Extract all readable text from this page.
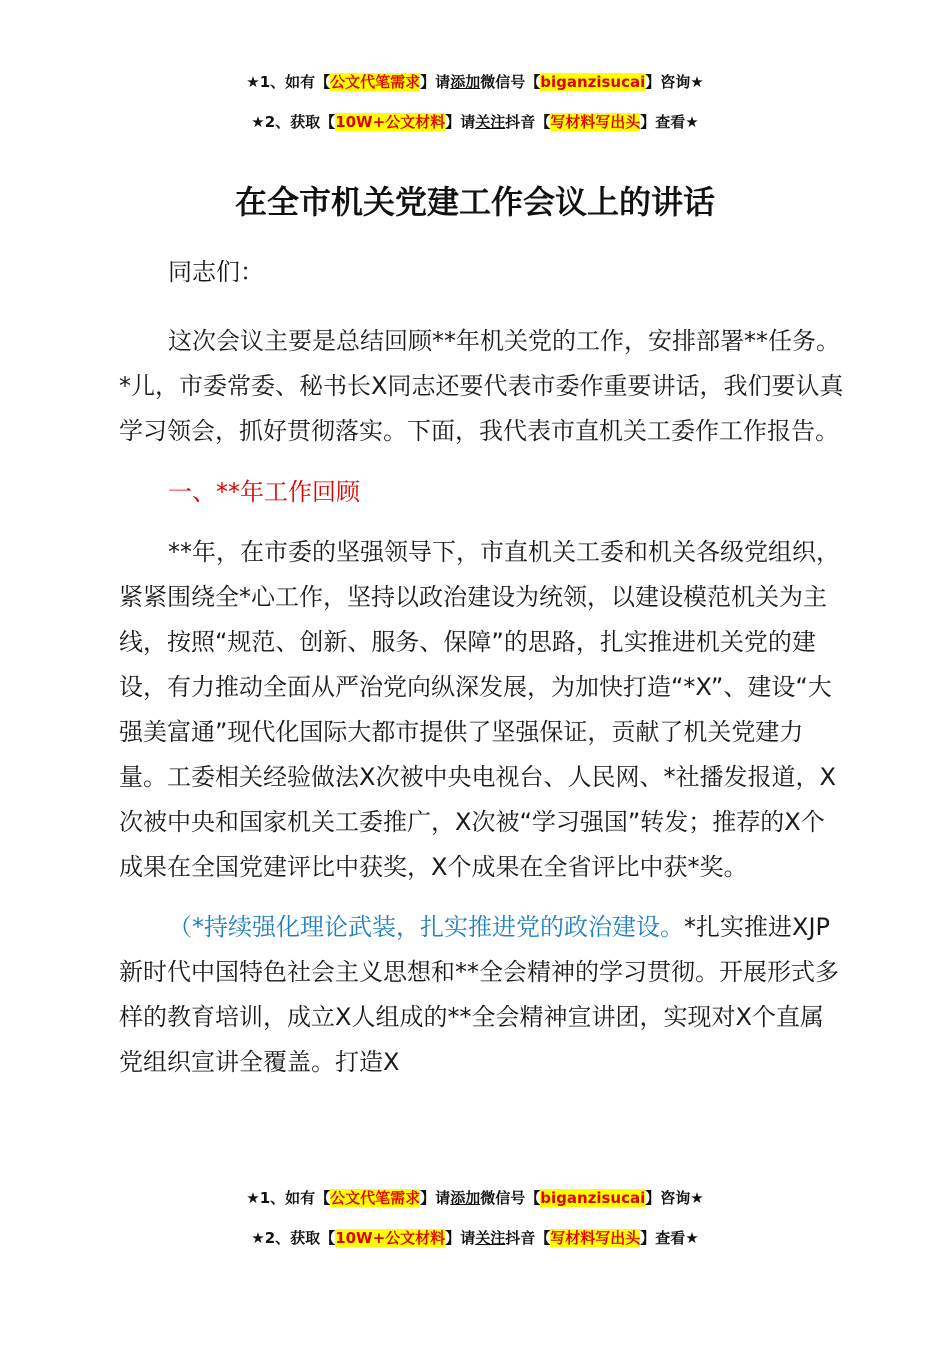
★1、如有【公文代笔需求】请添加微信号【biganzisucai】咨询★
★2、获取【10W+公文材料】请关注抖音【写材料写出头】查看★
在全市机关党建工作会议上的讲话

同志们：

这次会议主要是总结回顾**年机关党的工作，安排部署**任务。*儿，市委常委、秘书长X同志还要代表市委作重要讲话，我们要认真学习领会，抓好贯彻落实。下面，我代表市直机关工委作工作报告。

一、**年工作回顾

**年，在市委的坚强领导下，市直机关工委和机关各级党组织，紧紧围绕全*心工作，坚持以政治建设为统领，以建设模范机关为主线，按照“规范、创新、服务、保障”的思路，扎实推进机关党的建设，有力推动全面从严治党向纵深发展，为加快打造“*X”、建设“大强美富通”现代化国际大都市提供了坚强保证，贡献了机关党建力量。工委相关经验做法X次被中央电视台、人民网、*社播发报道，X次被中央和国家机关工委推广，X次被“学习强国”转发；推荐的X个成果在全国党建评比中获奖，X个成果在全省评比中获*奖。

（*持续强化理论武装，扎实推进党的政治建设。*扎实推进XJP新时代中国特色社会主义思想和**全会精神的学习贯彻。开展形式多样的教育培训，成立X人组成的**全会精神宣讲团，实现对X个直属党组织宣讲全覆盖。打造X

★1、如有【公文代笔需求】请添加微信号【biganzisucai】咨询★
★2、获取【10W+公文材料】请关注抖音【写材料写出头】查看★
